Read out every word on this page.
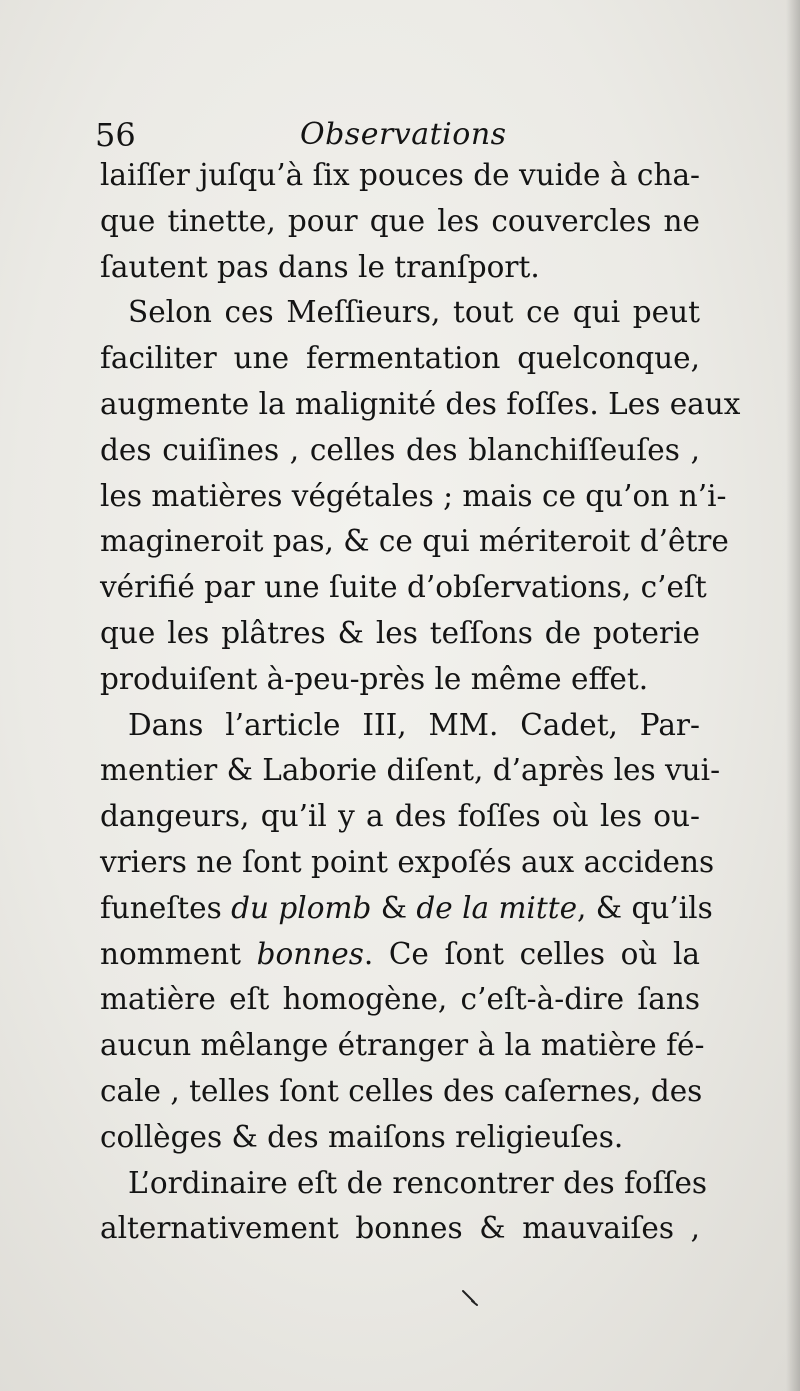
56	Observations
laiſſer juſqu’à ſix pouces de vuide à cha-
que tinette, pour que les couvercles ne
ſautent pas dans le tranſport.
Selon ces Meſſieurs, tout ce qui peut
faciliter une fermentation quelconque,
augmente la malignité des foſſes. Les eaux
des cuiſines , celles des blanchiſſeuſes ,
les matières végétales ; mais ce qu’on n’i-
magineroit pas, & ce qui mériteroit d’être
vérifié par une ſuite d’obſervations, c’eſt
que les plâtres & les teſſons de poterie
produiſent à-peu-près le même effet.
Dans l’article III, MM. Cadet, Par-
mentier & Laborie diſent, d’après les vui-
dangeurs, qu’il y a des foſſes où les ou-
vriers ne ſont point expoſés aux accidens
funeſtes du plomb & de la mitte, & qu’ils
nomment bonnes. Ce ſont celles où la
matière eſt homogène, c’eſt-à-dire ſans
aucun mêlange étranger à la matière fé-
cale , telles ſont celles des caſernes, des
collèges & des maiſons religieuſes.
L’ordinaire eſt de rencontrer des foſſes
alternativement bonnes & mauvaiſes ,
